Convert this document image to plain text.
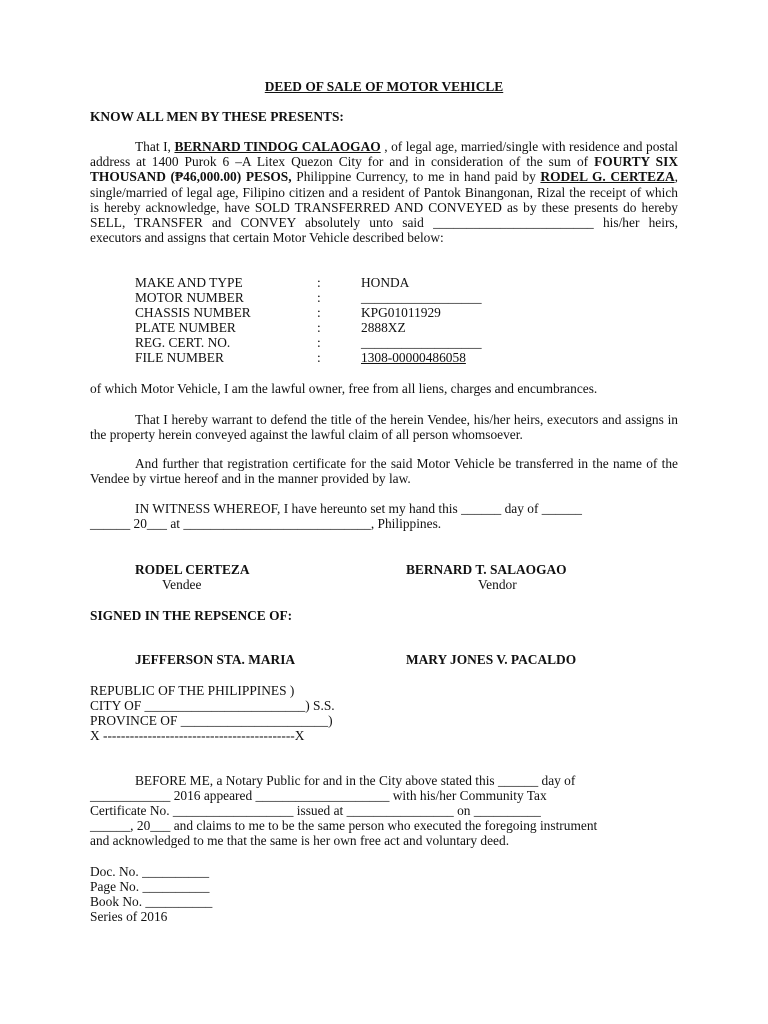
DEED OF SALE OF MOTOR VEHICLE
KNOW ALL MEN BY THESE PRESENTS:
That I, BERNARD TINDOG CALAOGAO , of legal age, married/single with residence and postal address at 1400 Purok 6 –A Litex Quezon City for and in consideration of the sum of FOURTY SIX THOUSAND (₱46,000.00) PESOS, Philippine Currency, to me in hand paid by RODEL G. CERTEZA, single/married of legal age, Filipino citizen and a resident of Pantok Binangonan, Rizal the receipt of which is hereby acknowledge, have SOLD TRANSFERRED AND CONVEYED as by these presents do hereby SELL, TRANSFER and CONVEY absolutely unto said ________________________ his/her heirs, executors and assigns that certain Motor Vehicle described below:
MAKE AND TYPE	:	HONDA
MOTOR NUMBER	:	__________________
CHASSIS NUMBER	:	KPG01011929
PLATE NUMBER	:	2888XZ
REG. CERT. NO.	:	__________________
FILE NUMBER	:	1308-00000486058
of which Motor Vehicle, I am the lawful owner, free from all liens, charges and encumbrances.
That I hereby warrant to defend the title of the herein Vendee, his/her heirs, executors and assigns in the property herein conveyed against the lawful claim of all person whomsoever.
And further that registration certificate for the said Motor Vehicle be transferred in the name of the Vendee by virtue hereof and in the manner provided by law.
IN WITNESS WHEREOF, I have hereunto set my hand this ______ day of ______
______ 20___ at ____________________________, Philippines.
RODEL CERTEZA
Vendee
BERNARD T. SALAOGAO
Vendor
SIGNED IN THE REPSENCE OF:
JEFFERSON STA. MARIA	MARY JONES V. PACALDO
REPUBLIC OF THE PHILIPPINES )
CITY OF ________________________) S.S.
PROVINCE OF ______________________)
X -------------------------------------------X
BEFORE ME, a Notary Public for and in the City above stated this ______ day of
____________ 2016 appeared ____________________ with his/her Community Tax
Certificate No. __________________ issued at ________________ on __________
______, 20___ and claims to me to be the same person who executed the foregoing instrument
and acknowledged to me that the same is her own free act and voluntary deed.
Doc. No. __________
Page No. __________
Book No. __________
Series of 2016
